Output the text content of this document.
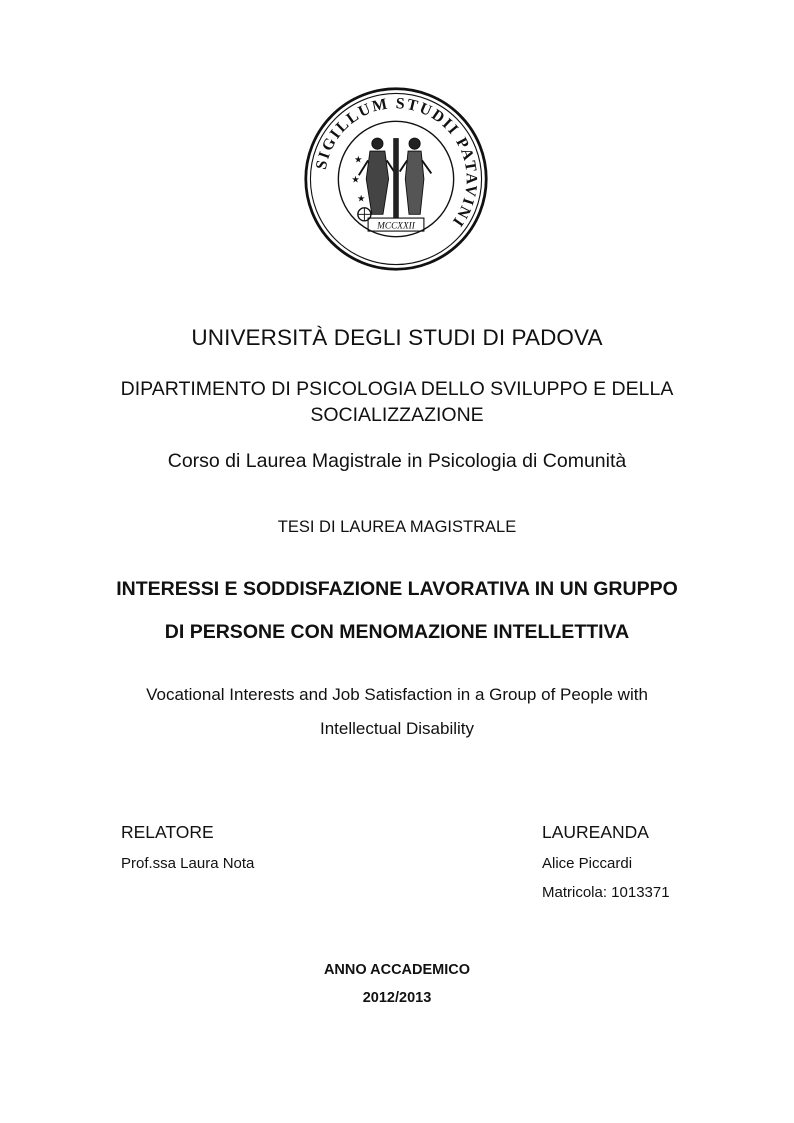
SIGILLUM STUDII PATAVINI
★
★
★
MCCXXII

UNIVERSITÀ DEGLI STUDI DI PADOVA

DIPARTIMENTO DI PSICOLOGIA DELLO SVILUPPO E DELLA
SOCIALIZZAZIONE

Corso di Laurea Magistrale in Psicologia di Comunità

TESI DI LAUREA MAGISTRALE

INTERESSI E SODDISFAZIONE LAVORATIVA IN UN GRUPPO
DI PERSONE CON MENOMAZIONE INTELLETTIVA
Vocational Interests and Job Satisfaction in a Group of People with
Intellectual Disability
RELATORE
Prof.ssa Laura Nota
LAUREANDA
Alice Piccardi
Matricola: 1013371

ANNO ACCADEMICO

2012/2013
